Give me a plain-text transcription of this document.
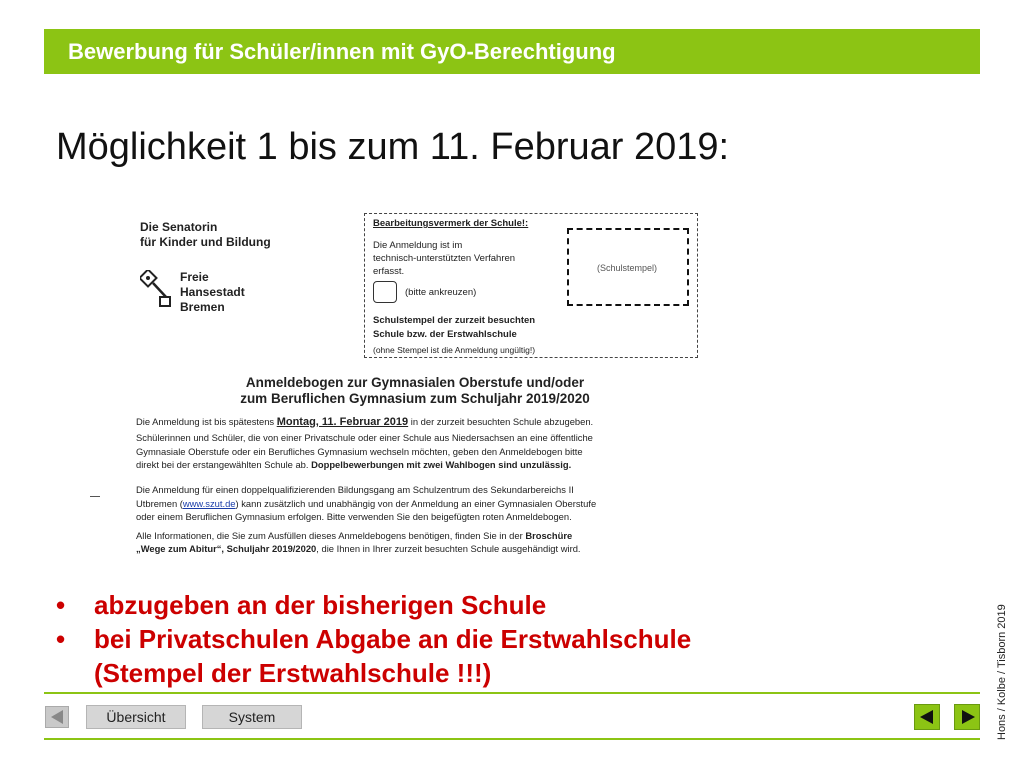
Bewerbung für Schüler/innen mit GyO-Berechtigung
Möglichkeit 1 bis zum 11. Februar 2019:
Die Senatorin
für Kinder und Bildung
Freie
Hansestadt
Bremen
Bearbeitungsvermerk der Schule!:
Die Anmeldung ist im
technisch-unterstützten Verfahren
erfasst.
(bitte ankreuzen)
Schulstempel der zurzeit besuchten
Schule bzw. der Erstwahlschule
(ohne Stempel ist die Anmeldung ungültig!)
(Schulstempel)
Anmeldebogen zur Gymnasialen Oberstufe und/oder
zum Beruflichen Gymnasium zum Schuljahr 2019/2020
Die Anmeldung ist bis spätestens Montag, 11. Februar 2019 in der zurzeit besuchten Schule abzugeben.
Schülerinnen und Schüler, die von einer Privatschule oder einer Schule aus Niedersachsen an eine öffentliche
Gymnasiale Oberstufe oder ein Berufliches Gymnasium wechseln möchten, geben den Anmeldebogen bitte
direkt bei der erstangewählten Schule ab. Doppelbewerbungen mit zwei Wahlbogen sind unzulässig.
Die Anmeldung für einen doppelqualifizierenden Bildungsgang am Schulzentrum des Sekundarbereichs II
Utbremen (www.szut.de) kann zusätzlich und unabhängig von der Anmeldung an einer Gymnasialen Oberstufe
oder einem Beruflichen Gymnasium erfolgen. Bitte verwenden Sie den beigefügten roten Anmeldebogen.
Alle Informationen, die Sie zum Ausfüllen dieses Anmeldebogens benötigen, finden Sie in der Broschüre
„Wege zum Abitur“, Schuljahr 2019/2020, die Ihnen in Ihrer zurzeit besuchten Schule ausgehändigt wird.
• abzugeben an der bisherigen Schule
• bei Privatschulen Abgabe an die Erstwahlschule
(Stempel der Erstwahlschule !!!)	Hons / Kolbe / Tisborn 2019
Übersicht	System
